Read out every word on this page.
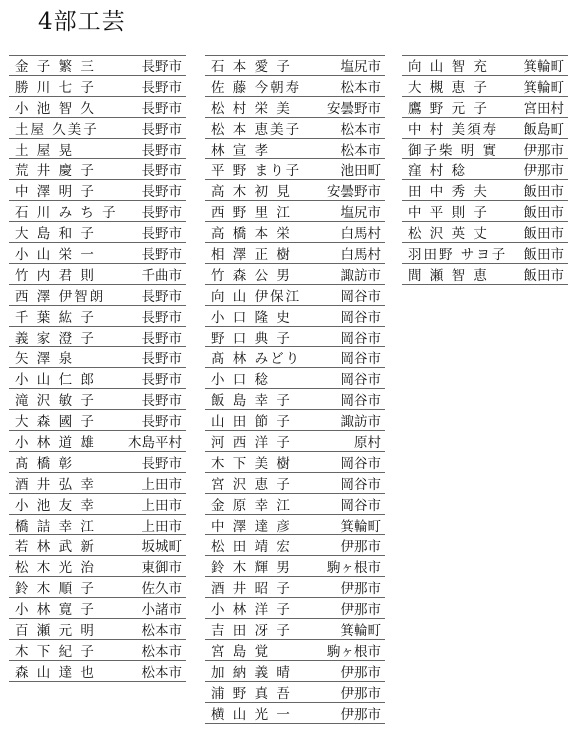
4部工芸
金 子 繁 三	長野市
勝 川 七 子	長野市
小 池 智 久	長野市
土屋 久美子	長野市
土 屋 晃	長野市
荒 井 慶 子	長野市
中 澤 明 子	長野市
石 川 み ち 子	長野市
大 島 和 子	長野市
小 山 栄 一	長野市
竹 内 君 則	千曲市
西 澤 伊智朗	長野市
千 葉 紘 子	長野市
義 家 澄 子	長野市
矢 澤 泉	長野市
小 山 仁 郎	長野市
滝 沢 敏 子	長野市
大 森 國 子	長野市
小 林 道 雄	木島平村
髙 橋 彰	長野市
酒 井 弘 幸	上田市
小 池 友 幸	上田市
橋 詰 幸 江	上田市
若 林 武 新	坂城町
松 木 光 治	東御市
鈴 木 順 子	佐久市
小 林 寛 子	小諸市
百 瀬 元 明	松本市
木 下 紀 子	松本市
森 山 達 也	松本市
石 本 愛 子	塩尻市
佐 藤 今朝寿	松本市
松 村 栄 美	安曇野市
松 本 恵美子	松本市
林 宣 孝	松本市
平 野 まり子	池田町
高 木 初 見	安曇野市
西 野 里 江	塩尻市
高 橋 本 栄	白馬村
相 澤 正 樹	白馬村
竹 森 公 男	諏訪市
向 山 伊保江	岡谷市
小 口 隆 史	岡谷市
野 口 典 子	岡谷市
髙 林 みどり	岡谷市
小 口 稔	岡谷市
飯 島 幸 子	岡谷市
山 田 節 子	諏訪市
河 西 洋 子	原村
木 下 美 樹	岡谷市
宮 沢 恵 子	岡谷市
金 原 幸 江	岡谷市
中 澤 達 彦	箕輪町
松 田 靖 宏	伊那市
鈴 木 輝 男	駒ヶ根市
酒 井 昭 子	伊那市
小 林 洋 子	伊那市
吉 田 冴 子	箕輪町
宮 島 覚	駒ヶ根市
加 納 義 晴	伊那市
浦 野 真 吾	伊那市
横 山 光 一	伊那市
向 山 智 充	箕輪町
大 槻 恵 子	箕輪町
鷹 野 元 子	宮田村
中 村 美須寿	飯島町
御子柴 明 實	伊那市
窪 村 稔	伊那市
田 中 秀 夫	飯田市
中 平 則 子	飯田市
松 沢 英 丈	飯田市
羽田野 サヨ子	飯田市
間 瀬 智 恵	飯田市
